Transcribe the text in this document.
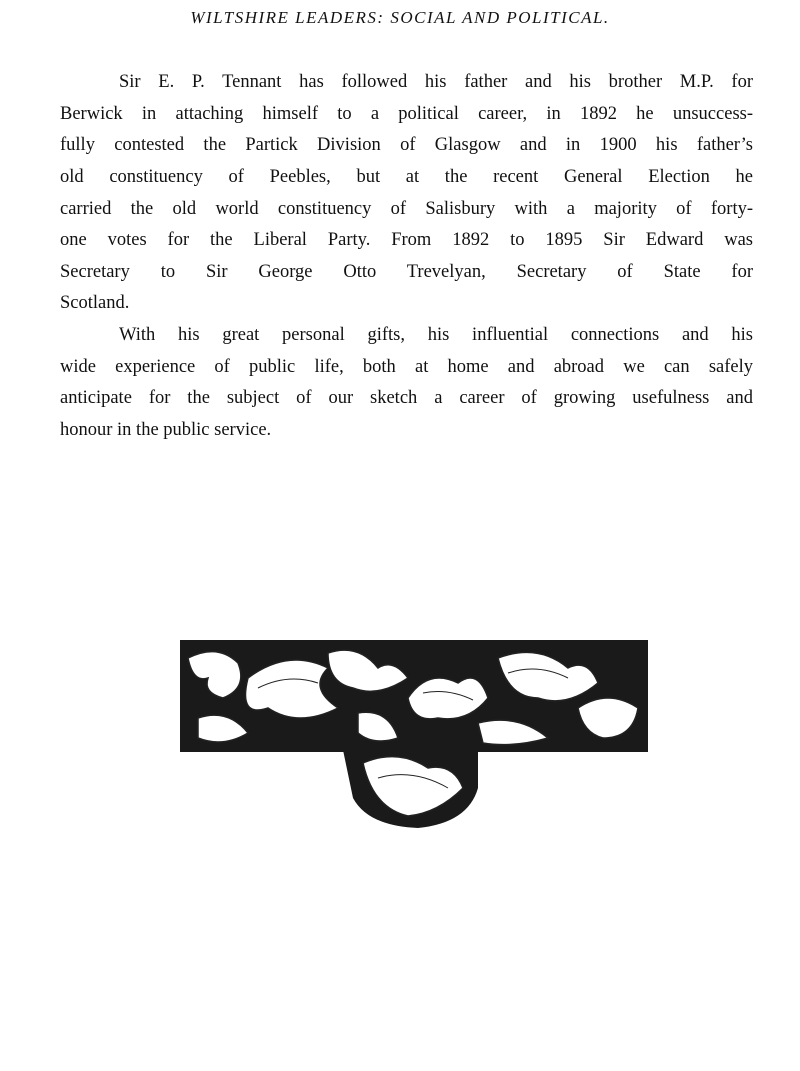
WILTSHIRE LEADERS: SOCIAL AND POLITICAL.
Sir E. P. Tennant has followed his father and his brother M.P. for
Berwick in attaching himself to a political career, in 1892 he unsuccess-
fully contested the Partick Division of Glasgow and in 1900 his father’s
old constituency of Peebles, but at the recent General Election he
carried the old world constituency of Salisbury with a majority of forty-
one votes for the Liberal Party. From 1892 to 1895 Sir Edward was
Secretary to Sir George Otto Trevelyan, Secretary of State for
Scotland.
With his great personal gifts, his influential connections and his
wide experience of public life, both at home and abroad we can safely
anticipate for the subject of our sketch a career of growing usefulness and
honour in the public service.
